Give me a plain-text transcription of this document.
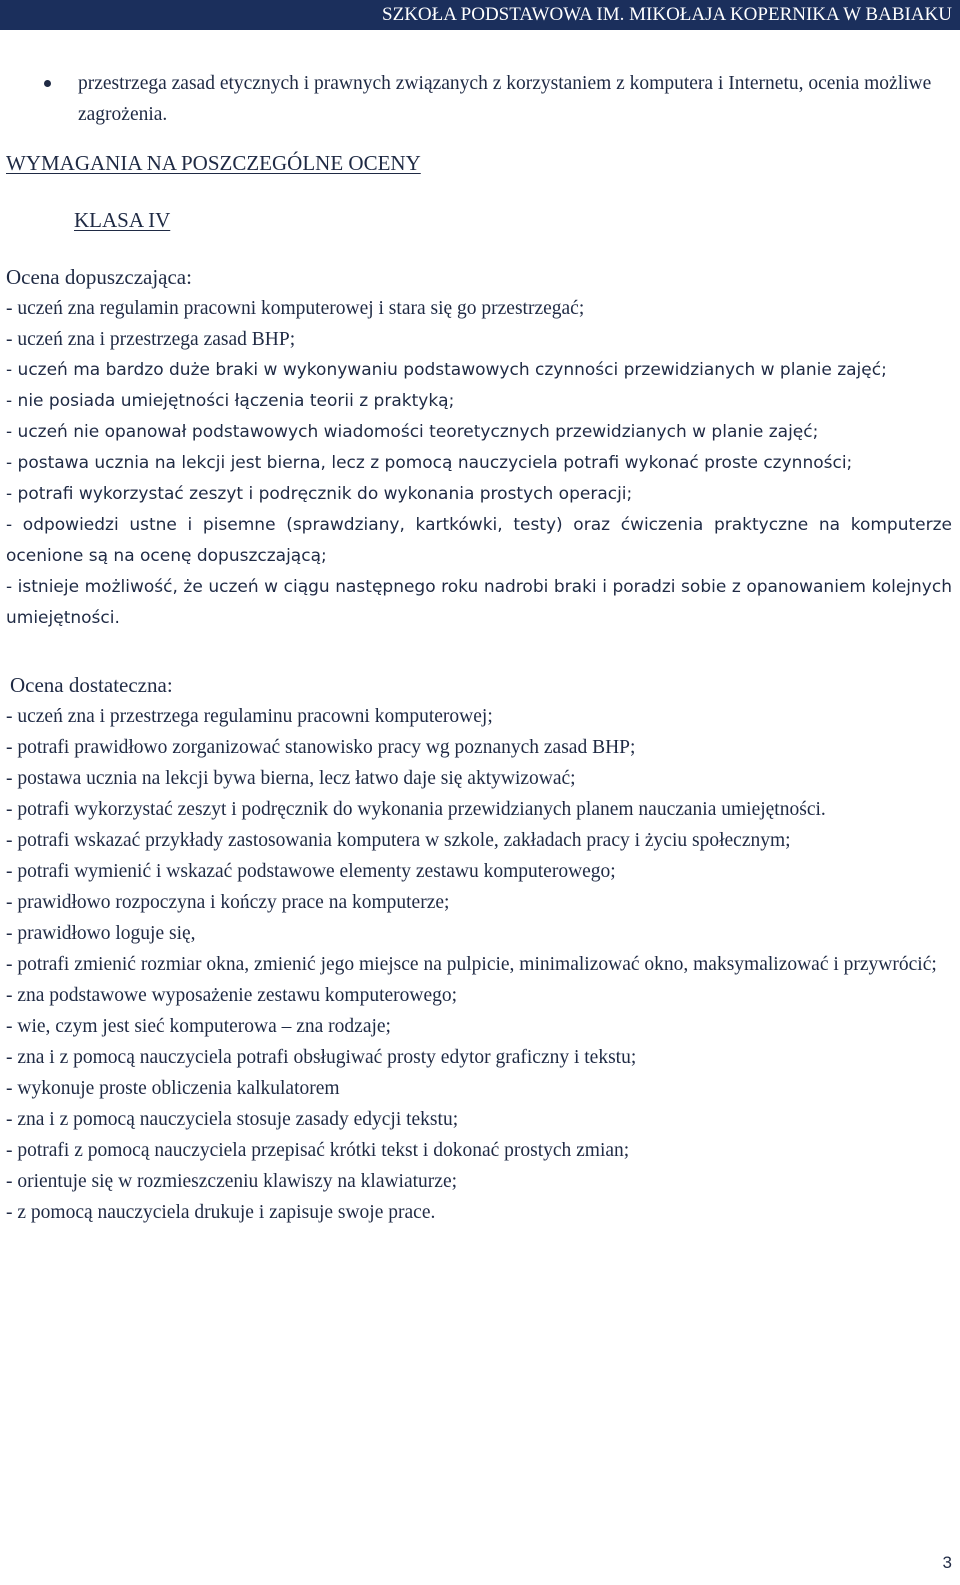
SZKOŁA PODSTAWOWA IM. MIKOŁAJA KOPERNIKA W BABIAKU
przestrzega zasad etycznych i prawnych związanych z korzystaniem z komputera i Internetu, ocenia możliwe zagrożenia.
WYMAGANIA NA POSZCZEGÓLNE OCENY
KLASA IV
Ocena dopuszczająca:
- uczeń zna regulamin pracowni komputerowej i stara się go przestrzegać;
- uczeń zna i przestrzega zasad BHP;
- uczeń ma bardzo duże braki w wykonywaniu podstawowych czynności przewidzianych w planie zajęć;
- nie posiada umiejętności łączenia teorii z praktyką;
- uczeń nie opanował podstawowych wiadomości teoretycznych przewidzianych w planie zajęć;
- postawa ucznia na lekcji jest bierna, lecz z pomocą nauczyciela potrafi wykonać proste czynności;
- potrafi wykorzystać zeszyt i podręcznik do wykonania prostych operacji;
- odpowiedzi ustne i pisemne (sprawdziany, kartkówki, testy) oraz ćwiczenia praktyczne na komputerze ocenione są na ocenę dopuszczającą;
- istnieje możliwość, że uczeń w ciągu następnego roku nadrobi braki i poradzi sobie z opanowaniem kolejnych umiejętności.
Ocena dostateczna:
- uczeń zna i przestrzega regulaminu pracowni komputerowej;
- potrafi prawidłowo zorganizować stanowisko pracy wg poznanych zasad BHP;
- postawa ucznia na lekcji bywa bierna, lecz łatwo daje się aktywizować;
- potrafi wykorzystać zeszyt i podręcznik do wykonania przewidzianych planem nauczania umiejętności.
- potrafi wskazać przykłady zastosowania komputera w szkole, zakładach pracy i życiu społecznym;
- potrafi wymienić i wskazać podstawowe elementy zestawu komputerowego;
- prawidłowo rozpoczyna i kończy prace na komputerze;
- prawidłowo loguje się,
- potrafi zmienić rozmiar okna, zmienić jego miejsce na pulpicie, minimalizować okno, maksymalizować i przywrócić;
- zna podstawowe wyposażenie zestawu komputerowego;
- wie, czym jest sieć komputerowa – zna rodzaje;
- zna i z pomocą nauczyciela potrafi obsługiwać prosty edytor graficzny i tekstu;
- wykonuje proste obliczenia kalkulatorem
- zna i z pomocą nauczyciela stosuje zasady edycji tekstu;
- potrafi z pomocą nauczyciela przepisać krótki tekst i dokonać prostych zmian;
- orientuje się w rozmieszczeniu klawiszy na klawiaturze;
- z pomocą nauczyciela drukuje i zapisuje swoje prace.
3
